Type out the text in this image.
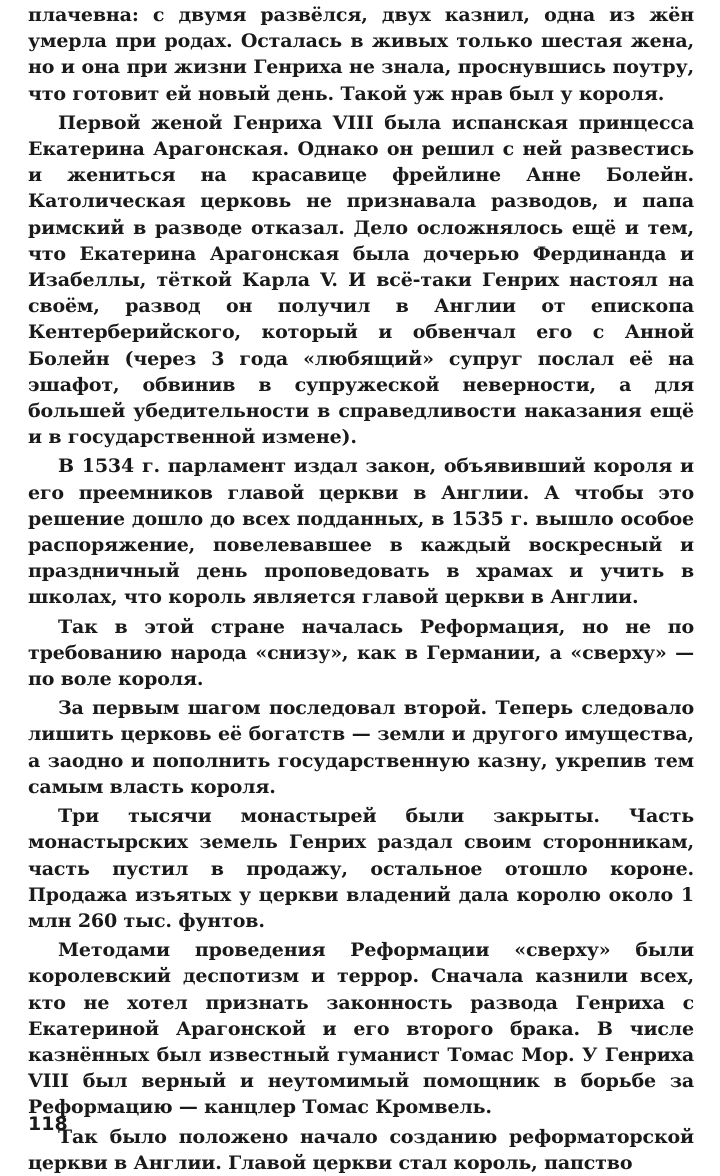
плачевна: с двумя развёлся, двух казнил, одна из жён умерла при родах. Осталась в живых только шестая жена, но и она при жизни Генриха не знала, проснувшись поутру, что готовит ей новый день. Такой уж нрав был у короля.

Первой женой Генриха VIII была испанская принцесса Екатерина Арагонская. Однако он решил с ней развестись и жениться на красавице фрейлине Анне Болейн. Католическая церковь не признавала разводов, и папа римский в разводе отказал. Дело осложнялось ещё и тем, что Екатерина Арагонская была дочерью Фердинанда и Изабеллы, тёткой Карла V. И всё-таки Генрих настоял на своём, развод он получил в Англии от епископа Кентерберийского, который и обвенчал его с Анной Болейн (через 3 года «любящий» супруг послал её на эшафот, обвинив в супружеской неверности, а для большей убедительности в справедливости наказания ещё и в государственной измене).

В 1534 г. парламент издал закон, объявивший короля и его преемников главой церкви в Англии. А чтобы это решение дошло до всех подданных, в 1535 г. вышло особое распоряжение, повелевавшее в каждый воскресный и праздничный день проповедовать в храмах и учить в школах, что король является главой церкви в Англии.

Так в этой стране началась Реформация, но не по требованию народа «снизу», как в Германии, а «сверху» — по воле короля.

За первым шагом последовал второй. Теперь следовало лишить церковь её богатств — земли и другого имущества, а заодно и пополнить государственную казну, укрепив тем самым власть короля.

Три тысячи монастырей были закрыты. Часть монастырских земель Генрих раздал своим сторонникам, часть пустил в продажу, остальное отошло короне. Продажа изъятых у церкви владений дала королю около 1 млн 260 тыс. фунтов.

Методами проведения Реформации «сверху» были королевский деспотизм и террор. Сначала казнили всех, кто не хотел признать законность развода Генриха с Екатериной Арагонской и его второго брака. В числе казнённых был известный гуманист Томас Мор. У Генриха VIII был верный и неутомимый помощник в борьбе за Реформацию — канцлер Томас Кромвель.

Так было положено начало созданию реформаторской церкви в Англии. Главой церкви стал король, папство

118
